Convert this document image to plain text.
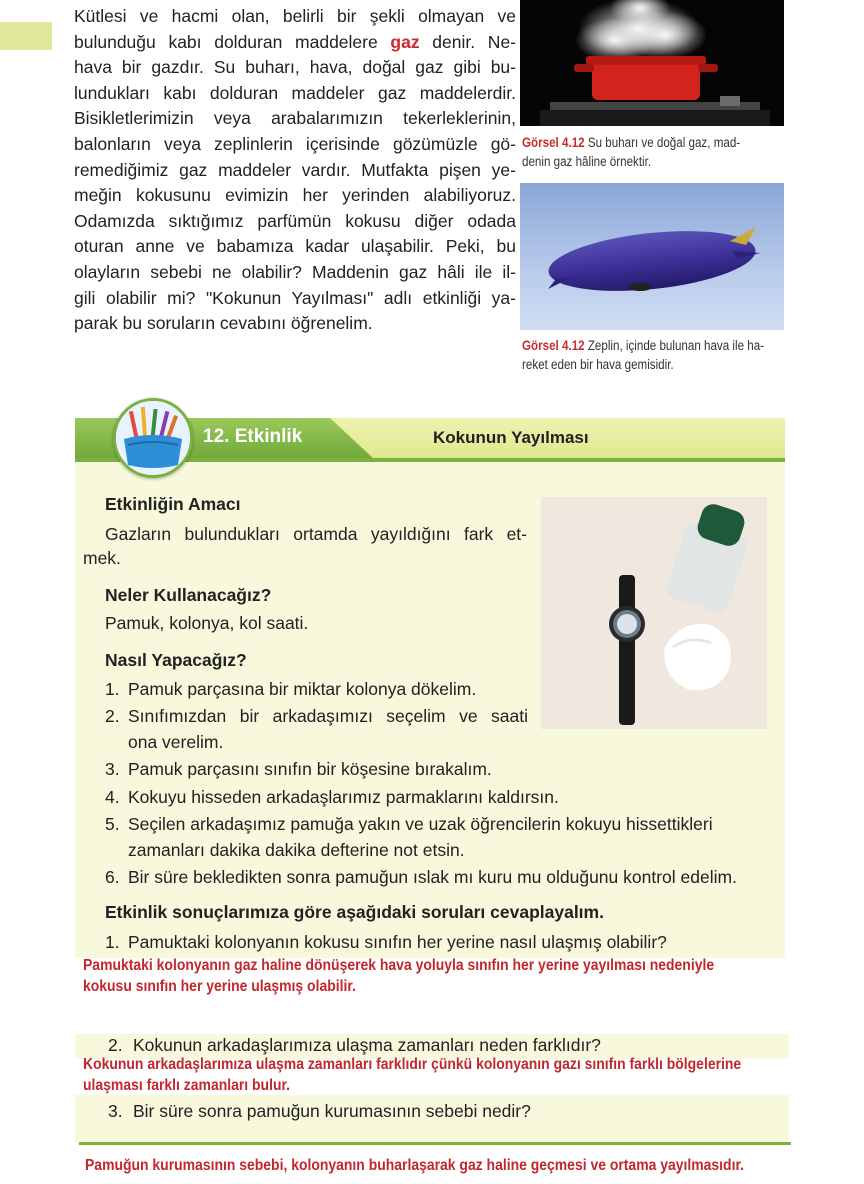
Kütlesi ve hacmi olan, belirli bir şekli olmayan ve
bulunduğu kabı dolduran maddelere gaz denir. Ne-
hava bir gazdır. Su buharı, hava, doğal gaz gibi bu-
lundukları kabı dolduran maddeler gaz maddelerdir.
Bisikletlerimizin veya arabalarımızın tekerleklerinin,
balonların veya zeplinlerin içerisinde gözümüzle gö-
remediğimiz gaz maddeler vardır. Mutfakta pişen ye-
meğin kokusunu evimizin her yerinden alabiliyoruz.
Odamızda sıktığımız parfümün kokusu diğer odada
oturan anne ve babamıza kadar ulaşabilir. Peki, bu
olayların sebebi ne olabilir? Maddenin gaz hâli ile il-
gili olabilir mi? "Kokunun Yayılması" adlı etkinliği ya-
parak bu soruların cevabını öğrenelim.
Görsel 4.12 Su buharı ve doğal gaz, mad-
denin gaz hâline örnektir.
Görsel 4.12 Zeplin, içinde bulunan hava ile ha-
reket eden bir hava gemisidir.
12. Etkinlik	Kokunun Yayılması
Etkinliğin Amacı
Gazların bulundukları ortamda yayıldığını fark et-
mek.
Neler Kullanacağız?
Pamuk, kolonya, kol saati.
Nasıl Yapacağız?
1. Pamuk parçasına bir miktar kolonya dökelim.
2. Sınıfımızdan bir arkadaşımızı seçelim ve saati
ona verelim.
3. Pamuk parçasını sınıfın bir köşesine bırakalım.
4. Kokuyu hisseden arkadaşlarımız parmaklarını kaldırsın.
5. Seçilen arkadaşımız pamuğa yakın ve uzak öğrencilerin kokuyu hissettikleri
zamanları dakika dakika defterine not etsin.
6. Bir süre bekledikten sonra pamuğun ıslak mı kuru mu olduğunu kontrol edelim.
Etkinlik sonuçlarımıza göre aşağıdaki soruları cevaplayalım.
1. Pamuktaki kolonyanın kokusu sınıfın her yerine nasıl ulaşmış olabilir?
Pamuktaki kolonyanın gaz haline dönüşerek hava yoluyla sınıfın her yerine yayılması nedeniyle
kokusu sınıfın her yerine ulaşmış olabilir.
2. Kokunun arkadaşlarımıza ulaşma zamanları neden farklıdır?
Kokunun arkadaşlarımıza ulaşma zamanları farklıdır çünkü kolonyanın gazı sınıfın farklı bölgelerine
ulaşması farklı zamanları bulur.
3. Bir süre sonra pamuğun kurumasının sebebi nedir?
Pamuğun kurumasının sebebi, kolonyanın buharlaşarak gaz haline geçmesi ve ortama yayılmasıdır.
